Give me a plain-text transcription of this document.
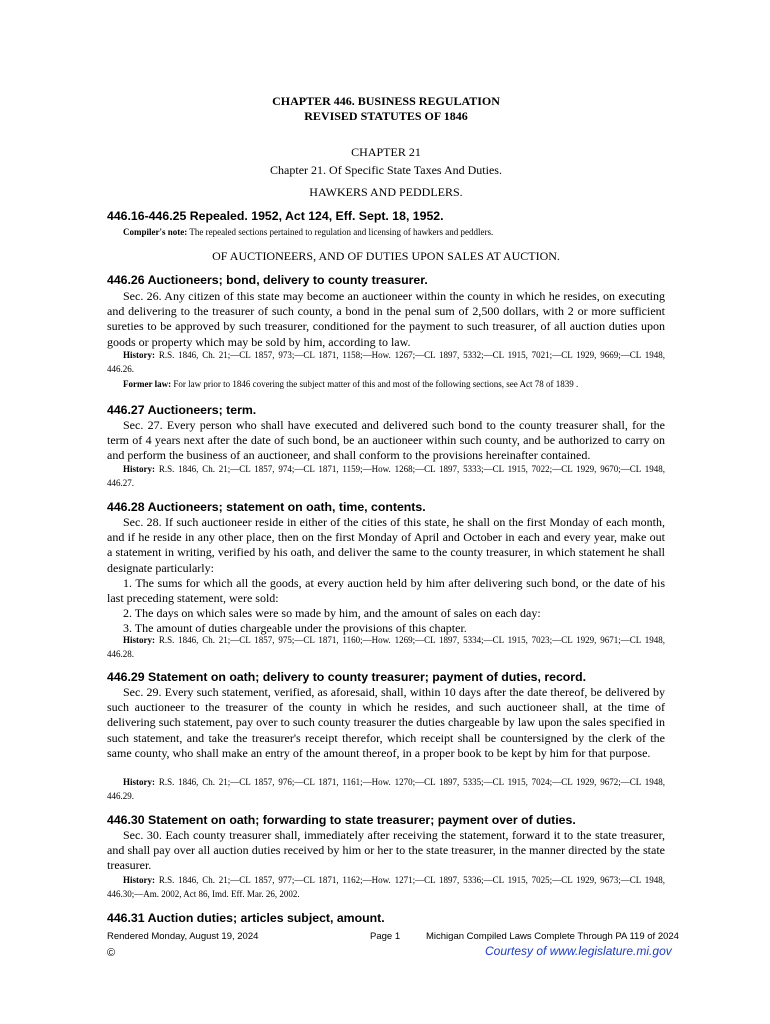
CHAPTER 446. BUSINESS REGULATION
REVISED STATUTES OF 1846
CHAPTER 21
Chapter 21. Of Specific State Taxes And Duties.
HAWKERS AND PEDDLERS.
446.16-446.25 Repealed. 1952, Act 124, Eff. Sept. 18, 1952.
Compiler's note: The repealed sections pertained to regulation and licensing of hawkers and peddlers.
OF AUCTIONEERS, AND OF DUTIES UPON SALES AT AUCTION.
446.26 Auctioneers; bond, delivery to county treasurer.

Sec. 26. Any citizen of this state may become an auctioneer within the county in which he resides, on executing and delivering to the treasurer of such county, a bond in the penal sum of 2,500 dollars, with 2 or more sufficient sureties to be approved by such treasurer, conditioned for the payment to such treasurer, of all auction duties upon goods or property which may be sold by him, according to law.

History: R.S. 1846, Ch. 21;—CL 1857, 973;—CL 1871, 1158;—How. 1267;—CL 1897, 5332;—CL 1915, 7021;—CL 1929, 9669;—CL 1948, 446.26.
Former law: For law prior to 1846 covering the subject matter of this and most of the following sections, see Act 78 of 1839 .
446.27 Auctioneers; term.

Sec. 27. Every person who shall have executed and delivered such bond to the county treasurer shall, for the term of 4 years next after the date of such bond, be an auctioneer within such county, and be authorized to carry on and perform the business of an auctioneer, and shall conform to the provisions hereinafter contained.

History: R.S. 1846, Ch. 21;—CL 1857, 974;—CL 1871, 1159;—How. 1268;—CL 1897, 5333;—CL 1915, 7022;—CL 1929, 9670;—CL 1948, 446.27.
446.28 Auctioneers; statement on oath, time, contents.

Sec. 28. If such auctioneer reside in either of the cities of this state, he shall on the first Monday of each month, and if he reside in any other place, then on the first Monday of April and October in each and every year, make out a statement in writing, verified by his oath, and deliver the same to the county treasurer, in which statement he shall designate particularly:

1. The sums for which all the goods, at every auction held by him after delivering such bond, or the date of his last preceding statement, were sold:

2. The days on which sales were so made by him, and the amount of sales on each day:

3. The amount of duties chargeable under the provisions of this chapter.

History: R.S. 1846, Ch. 21;—CL 1857, 975;—CL 1871, 1160;—How. 1269;—CL 1897, 5334;—CL 1915, 7023;—CL 1929, 9671;—CL 1948, 446.28.
446.29 Statement on oath; delivery to county treasurer; payment of duties, record.

Sec. 29. Every such statement, verified, as aforesaid, shall, within 10 days after the date thereof, be delivered by such auctioneer to the treasurer of the county in which he resides, and such auctioneer shall, at the time of delivering such statement, pay over to such county treasurer the duties chargeable by law upon the sales specified in such statement, and take the treasurer's receipt therefor, which receipt shall be countersigned by the clerk of the same county, who shall make an entry of the amount thereof, in a proper book to be kept by him for that purpose.

History: R.S. 1846, Ch. 21;—CL 1857, 976;—CL 1871, 1161;—How. 1270;—CL 1897, 5335;—CL 1915, 7024;—CL 1929, 9672;—CL 1948, 446.29.
446.30 Statement on oath; forwarding to state treasurer; payment over of duties.

Sec. 30. Each county treasurer shall, immediately after receiving the statement, forward it to the state treasurer, and shall pay over all auction duties received by him or her to the state treasurer, in the manner directed by the state treasurer.

History: R.S. 1846, Ch. 21;—CL 1857, 977;—CL 1871, 1162;—How. 1271;—CL 1897, 5336;—CL 1915, 7025;—CL 1929, 9673;—CL 1948, 446.30;—Am. 2002, Act 86, Imd. Eff. Mar. 26, 2002.
446.31 Auction duties; articles subject, amount.
Rendered Monday, August 19, 2024	Page 1	Michigan Compiled Laws Complete Through PA 119 of 2024
©	Courtesy of www.legislature.mi.gov
